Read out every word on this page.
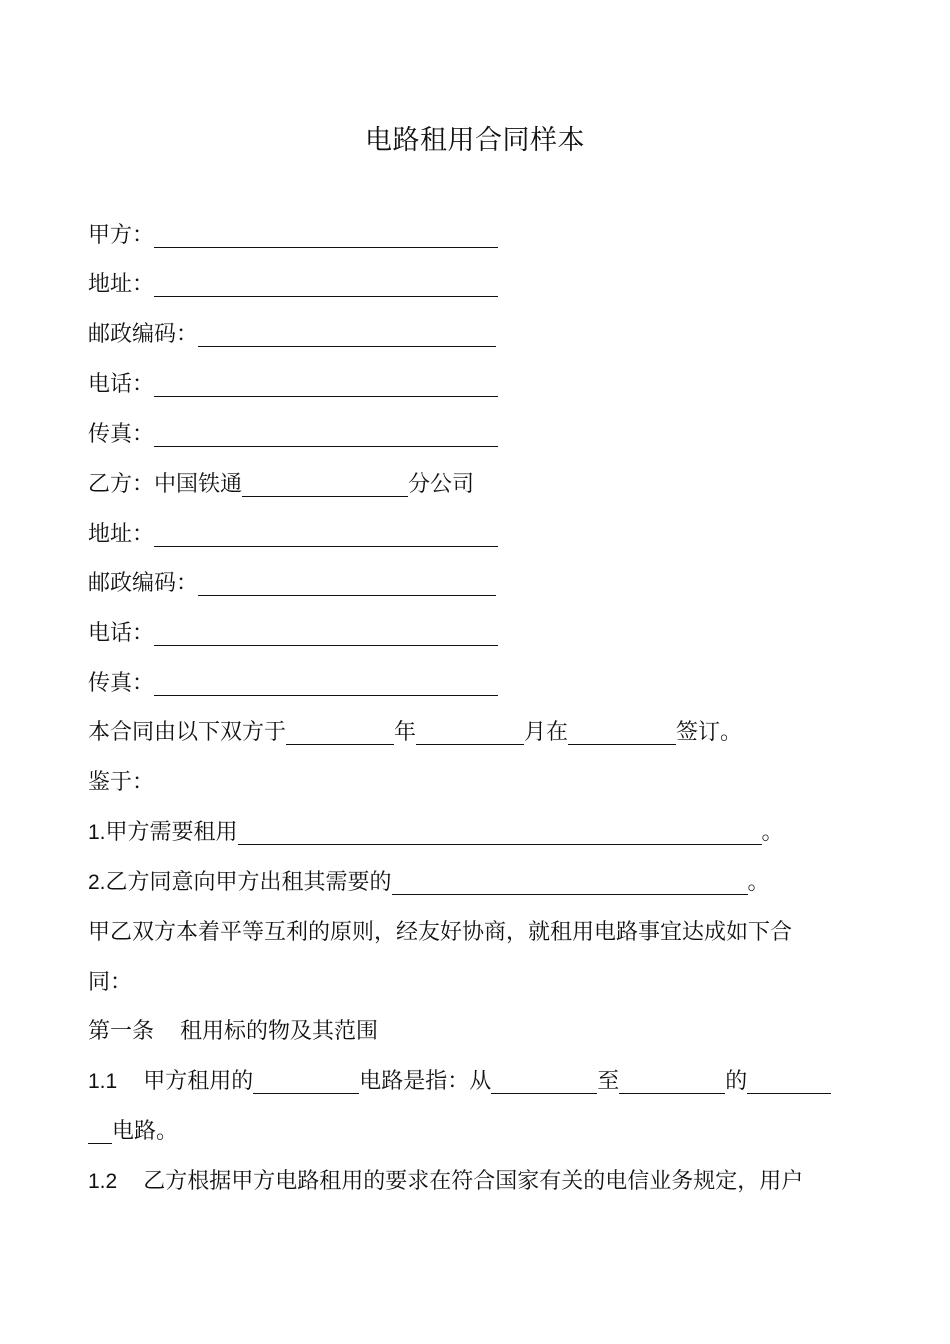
电路租用合同样本
甲方：
地址：
邮政编码：
电话：
传真：
乙方：中国铁通	分公司
地址：
邮政编码：
电话：
传真：
本合同由以下双方于	年	月在	签订。
鉴于：
1.甲方需要租用	。
2.乙方同意向甲方出租其需要的	。
甲乙双方本着平等互利的原则，经友好协商，就租用电路事宜达成如下合
同：
第一条 租用标的物及其范围
1.1 甲方租用的	电路是指：从	至	的
电路。
1.2 乙方根据甲方电路租用的要求在符合国家有关的电信业务规定，用户
